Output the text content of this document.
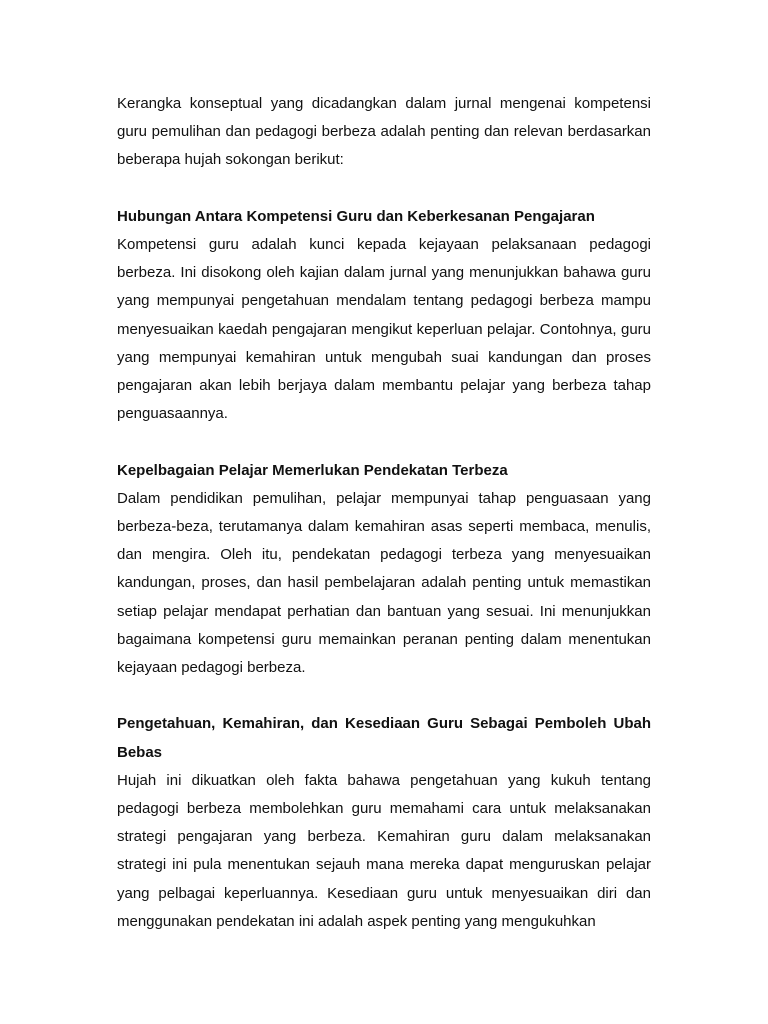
Kerangka konseptual yang dicadangkan dalam jurnal mengenai kompetensi guru pemulihan dan pedagogi berbeza adalah penting dan relevan berdasarkan beberapa hujah sokongan berikut:

Hubungan Antara Kompetensi Guru dan Keberkesanan Pengajaran

Kompetensi guru adalah kunci kepada kejayaan pelaksanaan pedagogi berbeza. Ini disokong oleh kajian dalam jurnal yang menunjukkan bahawa guru yang mempunyai pengetahuan mendalam tentang pedagogi berbeza mampu menyesuaikan kaedah pengajaran mengikut keperluan pelajar. Contohnya, guru yang mempunyai kemahiran untuk mengubah suai kandungan dan proses pengajaran akan lebih berjaya dalam membantu pelajar yang berbeza tahap penguasaannya.

Kepelbagaian Pelajar Memerlukan Pendekatan Terbeza

Dalam pendidikan pemulihan, pelajar mempunyai tahap penguasaan yang berbeza-beza, terutamanya dalam kemahiran asas seperti membaca, menulis, dan mengira. Oleh itu, pendekatan pedagogi terbeza yang menyesuaikan kandungan, proses, dan hasil pembelajaran adalah penting untuk memastikan setiap pelajar mendapat perhatian dan bantuan yang sesuai. Ini menunjukkan bagaimana kompetensi guru memainkan peranan penting dalam menentukan kejayaan pedagogi berbeza.

Pengetahuan, Kemahiran, dan Kesediaan Guru Sebagai Pemboleh Ubah Bebas

Hujah ini dikuatkan oleh fakta bahawa pengetahuan yang kukuh tentang pedagogi berbeza membolehkan guru memahami cara untuk melaksanakan strategi pengajaran yang berbeza. Kemahiran guru dalam melaksanakan strategi ini pula menentukan sejauh mana mereka dapat menguruskan pelajar yang pelbagai keperluannya. Kesediaan guru untuk menyesuaikan diri dan menggunakan pendekatan ini adalah aspek penting yang mengukuhkan
